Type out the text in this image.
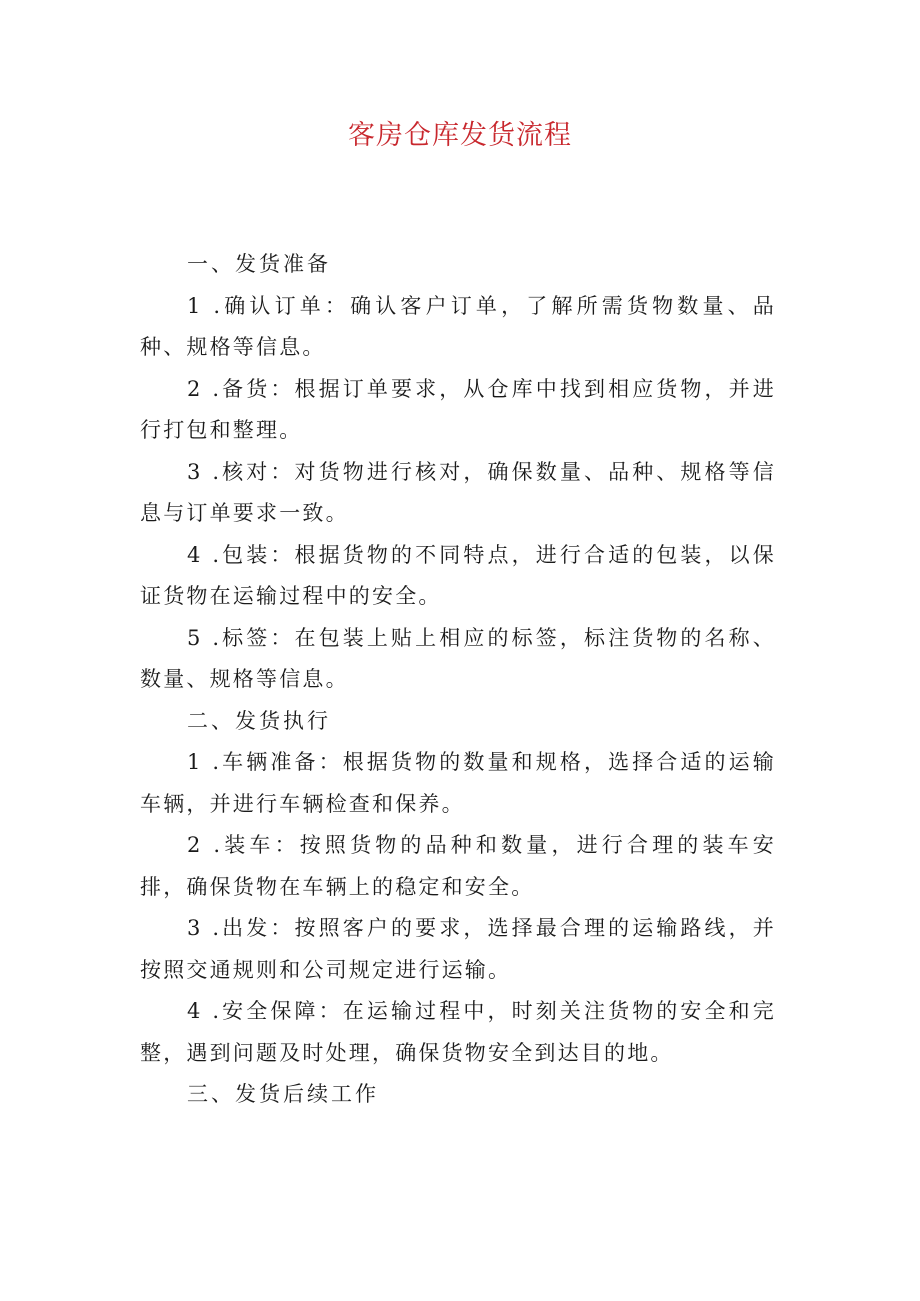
客房仓库发货流程

一、发货准备

1 .确认订单：确认客户订单，了解所需货物数量、品种、规格等信息。

2 .备货：根据订单要求，从仓库中找到相应货物，并进行打包和整理。

3 .核对：对货物进行核对，确保数量、品种、规格等信息与订单要求一致。

4 .包装：根据货物的不同特点，进行合适的包装，以保证货物在运输过程中的安全。

5 .标签：在包装上贴上相应的标签，标注货物的名称、数量、规格等信息。

二、发货执行

1 .车辆准备：根据货物的数量和规格，选择合适的运输车辆，并进行车辆检查和保养。

2 .装车：按照货物的品种和数量，进行合理的装车安排，确保货物在车辆上的稳定和安全。

3 .出发：按照客户的要求，选择最合理的运输路线，并按照交通规则和公司规定进行运输。

4 .安全保障：在运输过程中，时刻关注货物的安全和完整，遇到问题及时处理，确保货物安全到达目的地。

三、发货后续工作
